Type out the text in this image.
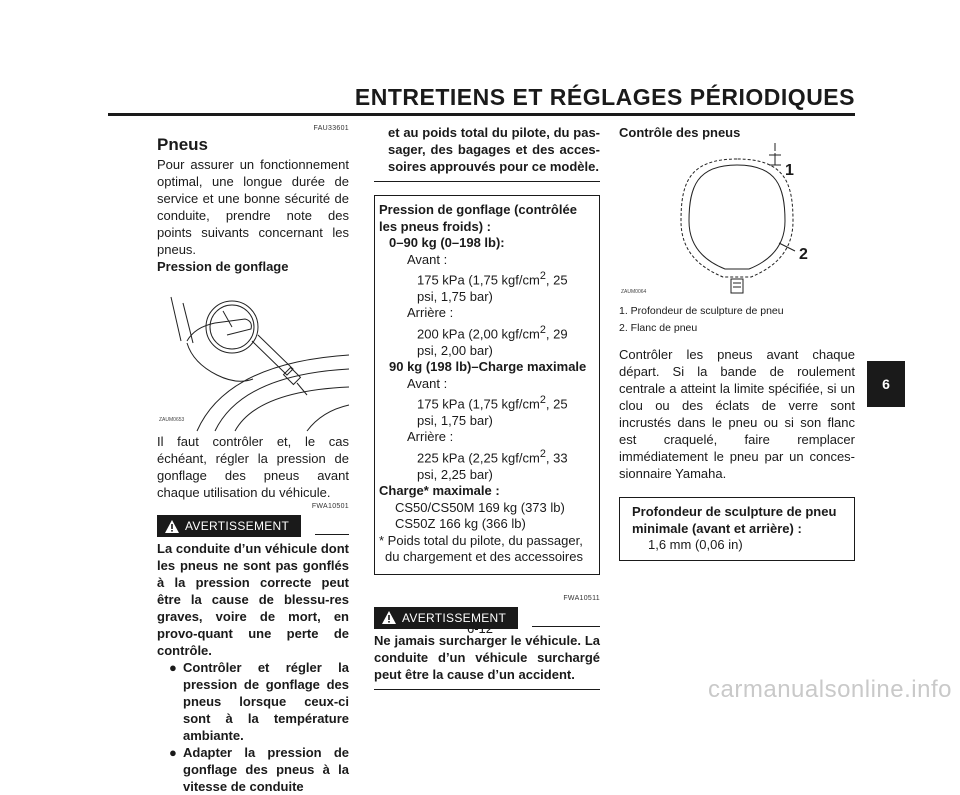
ENTRETIENS ET RÉGLAGES PÉRIODIQUES
FAU33601
Pneus

Pour assurer un fonctionnement optimal, une longue durée de service et une bonne sécurité de conduite, prendre note des points suivants concernant les pneus.

Pression de gonflage
ZAUM0653

Il faut contrôler et, le cas échéant, régler la pression de gonflage des pneus avant chaque utilisation du véhicule.

FWA10501
AVERTISSEMENT

La conduite d’un véhicule dont les pneus ne sont pas gonflés à la pression correcte peut être la cause de blessu-res graves, voire de mort, en provo-quant une perte de contrôle.

● Contrôler et régler la pression de gonflage des pneus lorsque ceux-ci sont à la température ambiante.
● Adapter la pression de gonflage des pneus à la vitesse de conduite

et au poids total du pilote, du pas-sager, des bagages et des acces-soires approuvés pour ce modèle.

Pression de gonflage (contrôlée les pneus froids) :
0–90 kg (0–198 lb):
Avant :
175 kPa (1,75 kgf/$cm^2$, 25 psi, 1,75 bar)
Arrière :
200 kPa (2,00 kgf/$cm^2$, 29 psi, 2,00 bar)
90 kg (198 lb)–Charge maximale
Avant :
175 kPa (1,75 kgf/$cm^2$, 25 psi, 1,75 bar)
Arrière :
225 kPa (2,25 kgf/$cm^2$, 33 psi, 2,25 bar)
Charge* maximale :
CS50/CS50M 169 kg (373 lb)
CS50Z 166 kg (366 lb)
* Poids total du pilote, du passager, du chargement et des accessoires
FWA10511
AVERTISSEMENT

Ne jamais surcharger le véhicule. La conduite d’un véhicule surchargé peut être la cause d’un accident.

Contrôle des pneus
1
2
ZAUM0064
1. Profondeur de sculpture de pneu
2. Flanc de pneu

Contrôler les pneus avant chaque départ. Si la bande de roulement centrale a atteint la limite spécifiée, si un clou ou des éclats de verre sont incrustés dans le pneu ou si son flanc est craquelé, faire remplacer immédiatement le pneu par un conces-sionnaire Yamaha.

Profondeur de sculpture de pneu minimale (avant et arrière) :
1,6 mm (0,06 in)
6
6-12
carmanualsonline.info
